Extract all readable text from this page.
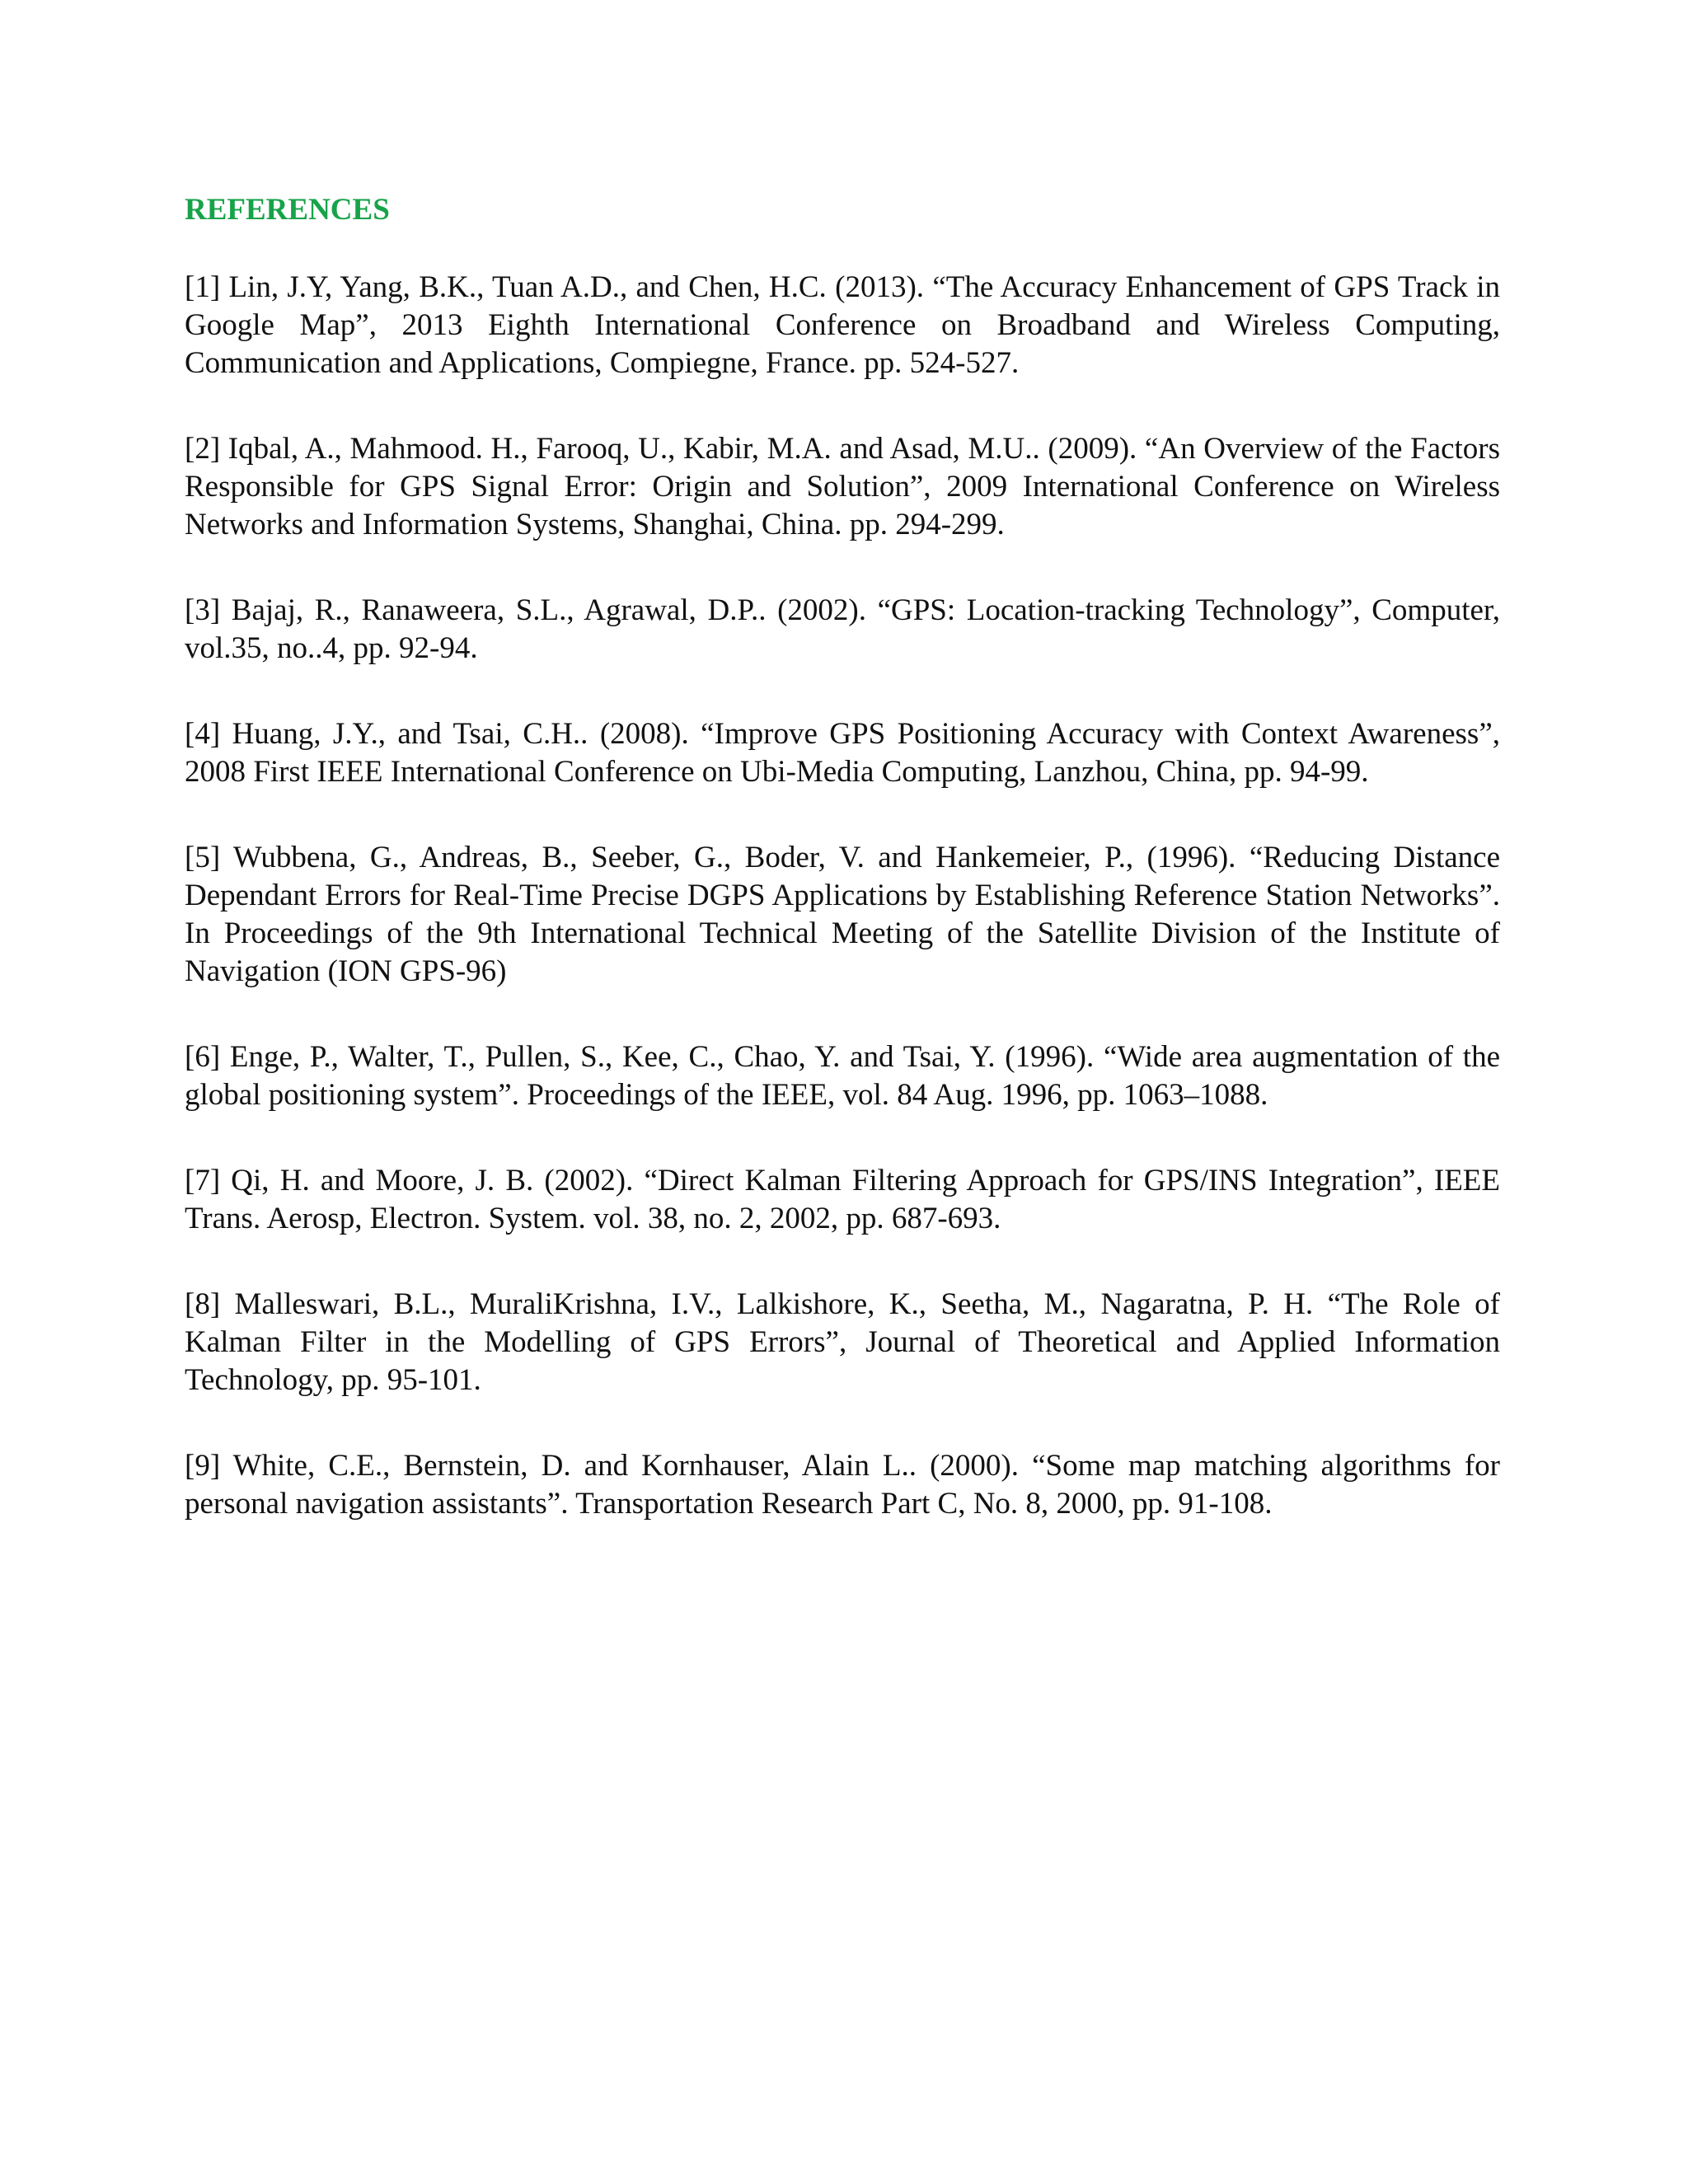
REFERENCES
[1] Lin, J.Y, Yang, B.K., Tuan A.D., and Chen, H.C. (2013). “The Accuracy Enhancement of GPS Track in Google Map”, 2013 Eighth International Conference on Broadband and Wireless Computing, Communication and Applications, Compiegne, France. pp. 524-527.
[2] Iqbal, A., Mahmood. H., Farooq, U., Kabir, M.A. and Asad, M.U.. (2009). “An Overview of the Factors Responsible for GPS Signal Error: Origin and Solution”, 2009 International Conference on Wireless Networks and Information Systems, Shanghai, China. pp. 294-299.
[3] Bajaj, R., Ranaweera, S.L., Agrawal, D.P.. (2002). “GPS: Location-tracking Technology”, Computer, vol.35, no..4, pp. 92-94.
[4] Huang, J.Y., and Tsai, C.H.. (2008). “Improve GPS Positioning Accuracy with Context Awareness”, 2008 First IEEE International Conference on Ubi-Media Computing, Lanzhou, China, pp. 94-99.
[5] Wubbena, G., Andreas, B., Seeber, G., Boder, V. and Hankemeier, P., (1996). “Reducing Distance Dependant Errors for Real-Time Precise DGPS Applications by Establishing Reference Station Networks”. In Proceedings of the 9th International Technical Meeting of the Satellite Division of the Institute of Navigation (ION GPS-96)
[6] Enge, P., Walter, T., Pullen, S., Kee, C., Chao, Y. and Tsai, Y. (1996). “Wide area augmentation of the global positioning system”. Proceedings of the IEEE, vol. 84 Aug. 1996, pp. 1063–1088.
[7] Qi, H. and Moore, J. B. (2002). “Direct Kalman Filtering Approach for GPS/INS Integration”, IEEE Trans. Aerosp, Electron. System. vol. 38, no. 2, 2002, pp. 687-693.
[8] Malleswari, B.L., MuraliKrishna, I.V., Lalkishore, K., Seetha, M., Nagaratna, P. H. “The Role of Kalman Filter in the Modelling of GPS Errors”, Journal of Theoretical and Applied Information Technology, pp. 95-101.
[9] White, C.E., Bernstein, D. and Kornhauser, Alain L.. (2000). “Some map matching algorithms for personal navigation assistants”. Transportation Research Part C, No. 8, 2000, pp. 91-108.
